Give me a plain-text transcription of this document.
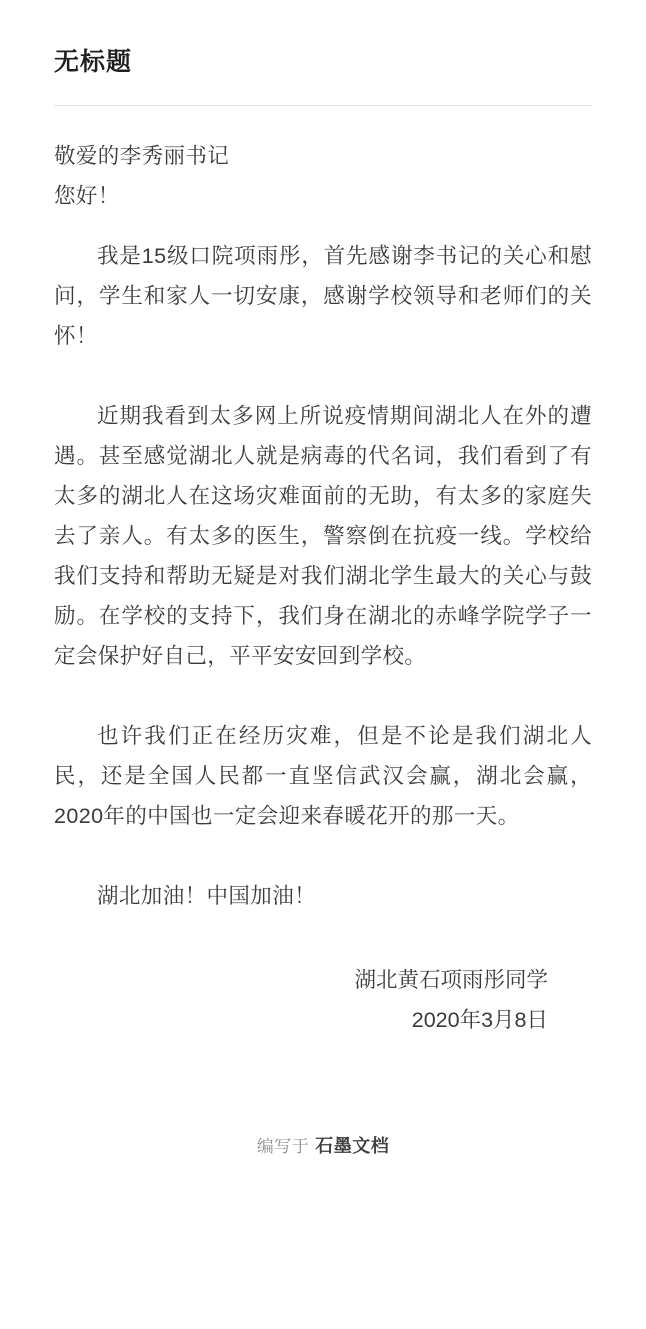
无标题

敬爱的李秀丽书记

您好！

我是15级口院项雨彤，首先感谢李书记的关心和慰问，学生和家人一切安康，感谢学校领导和老师们的关怀！

近期我看到太多网上所说疫情期间湖北人在外的遭遇。甚至感觉湖北人就是病毒的代名词，我们看到了有太多的湖北人在这场灾难面前的无助，有太多的家庭失去了亲人。有太多的医生，警察倒在抗疫一线。学校给我们支持和帮助无疑是对我们湖北学生最大的关心与鼓励。在学校的支持下，我们身在湖北的赤峰学院学子一定会保护好自己，平平安安回到学校。

也许我们正在经历灾难，但是不论是我们湖北人民，还是全国人民都一直坚信武汉会赢，湖北会赢，2020年的中国也一定会迎来春暖花开的那一天。

湖北加油！中国加油！

湖北黄石项雨彤同学

2020年3月8日

编写于 石墨文档
